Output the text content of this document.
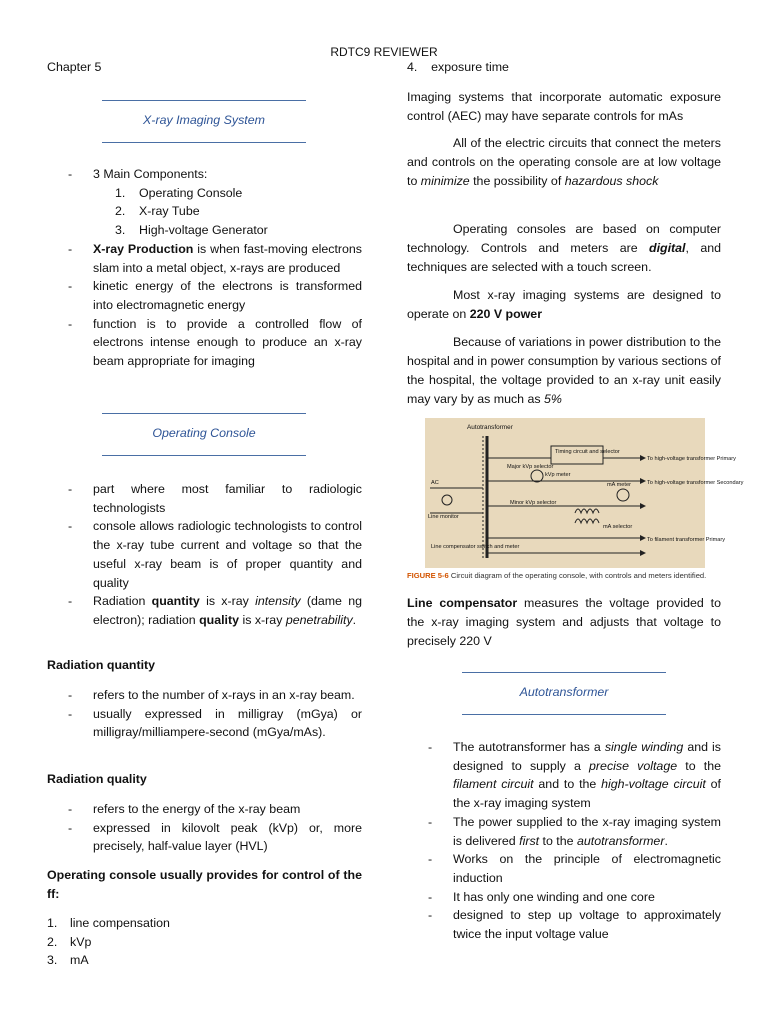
RDTC9 REVIEWER
Chapter 5
X-ray Imaging System
- 3 Main Components:
1. Operating Console
2. X-ray Tube
3. High-voltage Generator
- X-ray Production is when fast-moving electrons slam into a metal object, x-rays are produced
- kinetic energy of the electrons is transformed into electromagnetic energy
- function is to provide a controlled flow of electrons intense enough to produce an x-ray beam appropriate for imaging
Operating Console
- part where most familiar to radiologic technologists
- console allows radiologic technologists to control the x-ray tube current and voltage so that the useful x-ray beam is of proper quantity and quality
- Radiation quantity is x-ray intensity (dame ng electron); radiation quality is x-ray penetrability.
Radiation quantity
- refers to the number of x-rays in an x-ray beam.
- usually expressed in milligray (mGya) or milligray/milliampere-second (mGya/mAs).
Radiation quality
- refers to the energy of the x-ray beam
- expressed in kilovolt peak (kVp) or, more precisely, half-value layer (HVL)
Operating console usually provides for control of the ff:
1. line compensation
2. kVp
3. mA
4. exposure time
Imaging systems that incorporate automatic exposure control (AEC) may have separate controls for mAs
All of the electric circuits that connect the meters and controls on the operating console are at low voltage to minimize the possibility of hazardous shock
Operating consoles are based on computer technology. Controls and meters are digital, and techniques are selected with a touch screen.
Most x-ray imaging systems are designed to operate on 220 V power
Because of variations in power distribution to the hospital and in power consumption by various sections of the hospital, the voltage provided to an x-ray unit easily may vary by as much as 5%
Autotransformer
Timing circuit and selector
Major kVp selector
kVp meter
To high-voltage transformer Primary
mA meter	To high-voltage transformer Secondary
Minor kVp selector
Line monitor
AC
mA selector
To filament transformer Primary
Line compensator switch and meter
FIGURE 5-6 Circuit diagram of the operating console, with controls and meters identified.
Line compensator measures the voltage provided to the x-ray imaging system and adjusts that voltage to precisely 220 V
Autotransformer
- The autotransformer has a single winding and is designed to supply a precise voltage to the filament circuit and to the high-voltage circuit of the x-ray imaging system
- The power supplied to the x-ray imaging system is delivered first to the autotransformer.
- Works on the principle of electromagnetic induction
- It has only one winding and one core
- designed to step up voltage to approximately twice the input voltage value
